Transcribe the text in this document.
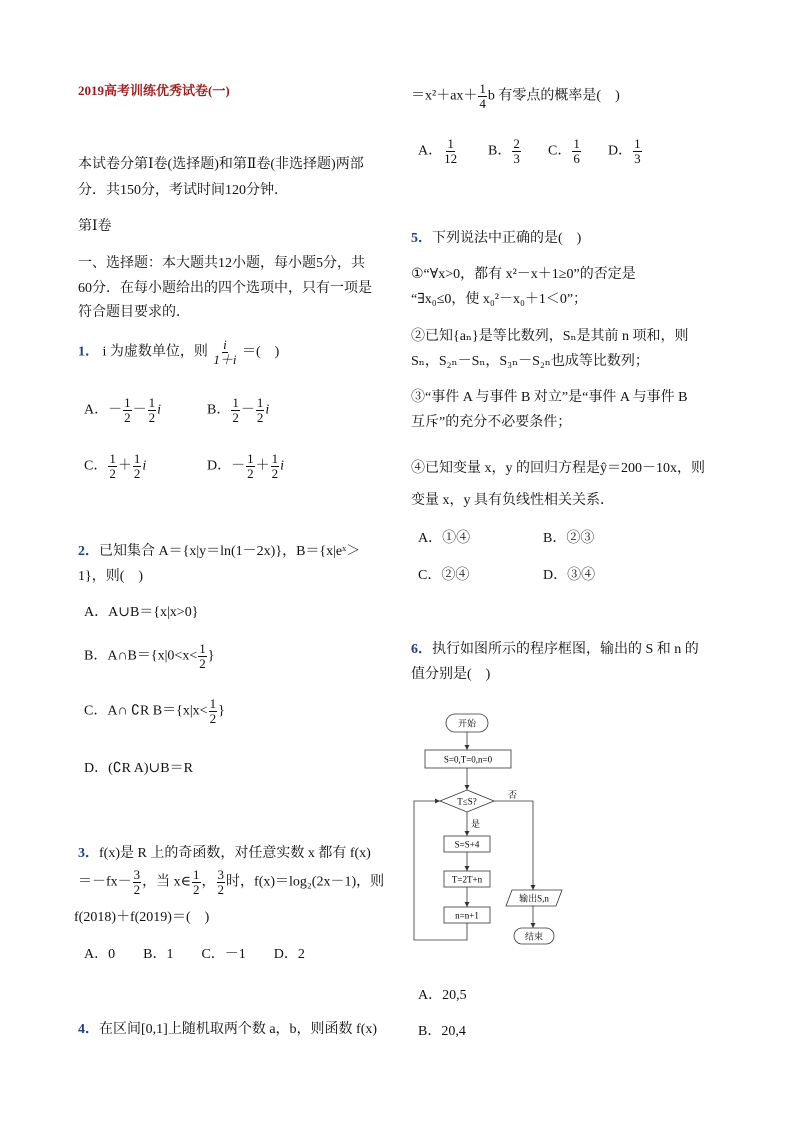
2019高考训练优秀试卷(一)
本试卷分第Ⅰ卷(选择题)和第Ⅱ卷(非选择题)两部
分．共150分，考试时间120分钟．
第Ⅰ卷
一、选择题：本大题共12小题，每小题5分，共
60分．在每小题给出的四个选项中，只有一项是
符合题目要求的．
1． i 为虚数单位，则 $\frac{i}{1+i}$ ＝(　)
A．－ $\frac{1}{2} - \frac{1}{2}$ i	B． $\frac{1}{2} - \frac{1}{2}$ i
C． $\frac{1}{2} + \frac{1}{2}$ i	D．－ $\frac{1}{2} + \frac{1}{2}$ i
2．已知集合 A＝{x|y＝ln(1－2x)}，B＝{x|eˣ＞
1}，则(　)
A．A∪B＝{x|x>0}
B．A∩B＝{x|0<x< $\frac{1}{2}$ }
C．A∩ ∁R $B=\{x|x< \frac{1}{2}$ }
D．(∁R A)∪B＝R
3．f(x)是 R 上的奇函数，对任意实数 x 都有 f(x)
$=-fx- \frac{3}{2}$ ，当 x∈ $\frac{1}{2}$ ， $\frac{3}{2}$ 时，f(x)＝log₂(2x－1)，则
f(2018)＋f(2019)＝(　)
A．0　　B．1　　C．－1　　D．2
4．在区间[0,1]上随机取两个数 a，b，则函数 f(x)
$=x^2+ax+ \frac{1}{4}$ b 有零点的概率是(　)
A． $\frac{1}{12}$ B． $\frac{2}{3}$ C． $\frac{1}{6}$ D． $\frac{1}{3}$
5．下列说法中正确的是(　)
①“∀x>0，都有 x²－x＋1≥0”的否定是
“∃x₀≤0，使 x₀²－x₀＋1＜0”；
②已知{aₙ}是等比数列，Sₙ是其前 n 项和，则
Sₙ，S₂ₙ－Sₙ，S₃ₙ－S₂ₙ也成等比数列；
③“事件 A 与事件 B 对立”是“事件 A 与事件 B
互斥”的充分不必要条件；
④已知变量 x，y 的回归方程是ŷ＝200－10x，则
变量 x，y 具有负线性相关关系．
A．①④	B．②③
C．②④	D．③④
6．执行如图所示的程序框图，输出的 S 和 n 的
值分别是(　)
开始
S=0,T=0,n=0
T≤S?
否
是
S=S+4
T=2T+n
n=n+1
输出S,n
结束
A．20,5
B．20,4
